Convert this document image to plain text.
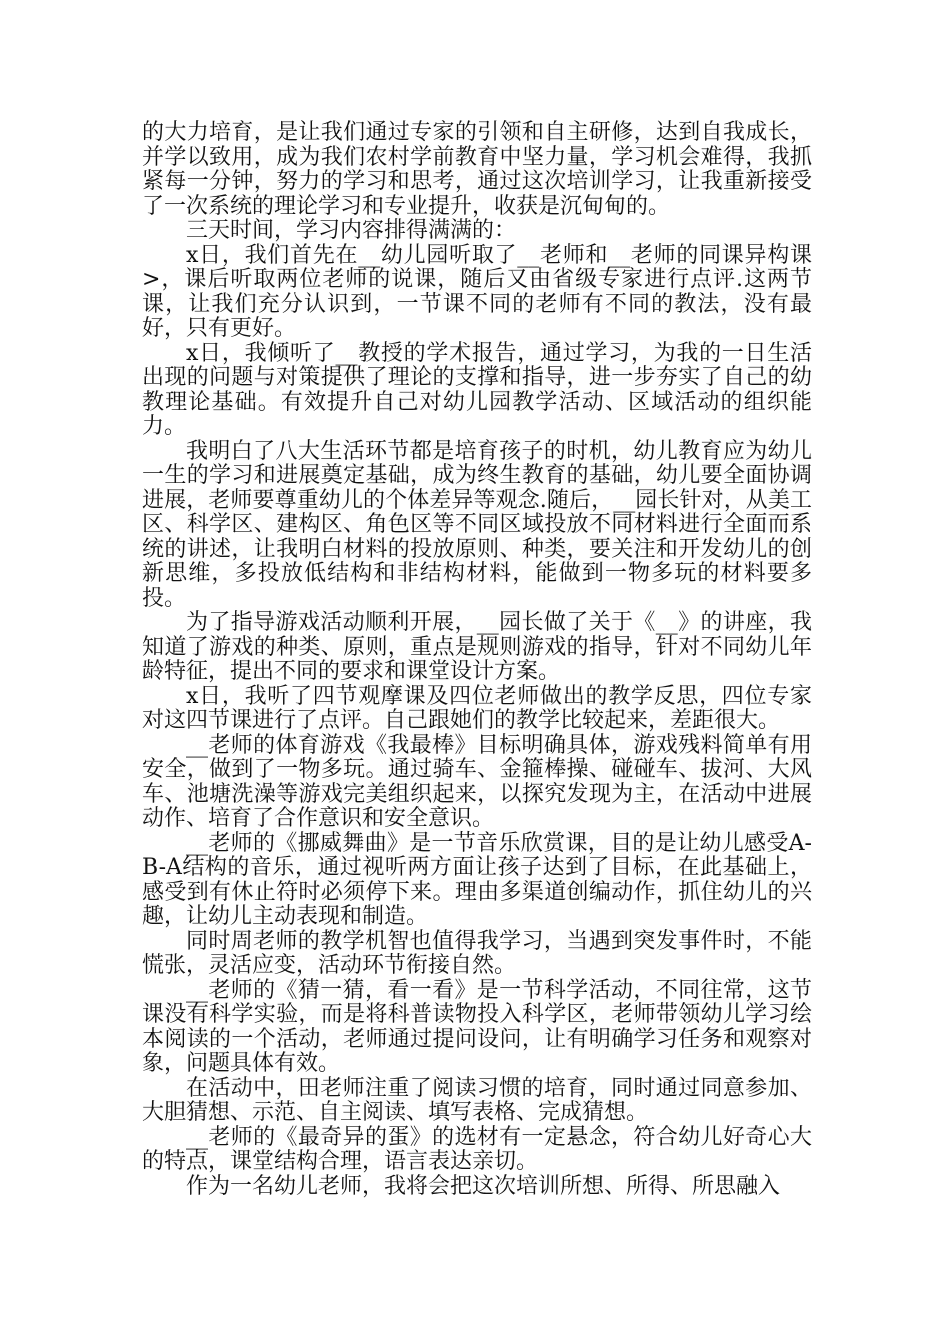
的大力培育，是让我们通过专家的引领和自主研修，达到自我成长，并学以致用，成为我们农村学前教育中坚力量，学习机会难得，我抓紧每一分钟，努力的学习和思考，通过这次培训学习，让我重新接受了一次系统的理论学习和专业提升，收获是沉甸甸的。

三天时间，学习内容排得满满的：

x日，我们首先在__幼儿园听取了__老师和__老师的同课异构课>，课后听取两位老师的说课，随后又由省级专家进行点评.这两节课，让我们充分认识到，一节课不同的老师有不同的教法，没有最好，只有更好。

x日，我倾听了__教授的学术报告，通过学习，为我的一日生活出现的问题与对策提供了理论的支撑和指导，进一步夯实了自己的幼教理论基础。有效提升自己对幼儿园教学活动、区域活动的组织能力。

我明白了八大生活环节都是培育孩子的时机，幼儿教育应为幼儿一生的学习和进展奠定基础，成为终生教育的基础，幼儿要全面协调进展，老师要尊重幼儿的个体差异等观念.随后，__园长针对，从美工区、科学区、建构区、角色区等不同区域投放不同材料进行全面而系统的讲述，让我明白材料的投放原则、种类，要关注和开发幼儿的创新思维，多投放低结构和非结构材料，能做到一物多玩的材料要多投。

为了指导游戏活动顺利开展，__园长做了关于《__》的讲座，我知道了游戏的种类、原则，重点是规则游戏的指导，针对不同幼儿年龄特征，提出不同的要求和课堂设计方案。

x日，我听了四节观摩课及四位老师做出的教学反思，四位专家对这四节课进行了点评。自己跟她们的教学比较起来，差距很大。

__老师的体育游戏《我最棒》目标明确具体，游戏残料简单有用安全，做到了一物多玩。通过骑车、金箍棒操、碰碰车、拔河、大风车、池塘洗澡等游戏完美组织起来，以探究发现为主，在活动中进展动作、培育了合作意识和安全意识。

__老师的《挪威舞曲》是一节音乐欣赏课，目的是让幼儿感受A-B-A结构的音乐，通过视听两方面让孩子达到了目标，在此基础上，感受到有休止符时必须停下来。理由多渠道创编动作，抓住幼儿的兴趣，让幼儿主动表现和制造。

同时周老师的教学机智也值得我学习，当遇到突发事件时，不能慌张，灵活应变，活动环节衔接自然。

__老师的《猜一猜，看一看》是一节科学活动，不同往常，这节课没有科学实验，而是将科普读物投入科学区，老师带领幼儿学习绘本阅读的一个活动，老师通过提问设问，让有明确学习任务和观察对象，问题具体有效。

在活动中，田老师注重了阅读习惯的培育，同时通过同意参加、大胆猜想、示范、自主阅读、填写表格、完成猜想。

__老师的《最奇异的蛋》的选材有一定悬念，符合幼儿好奇心大的特点，课堂结构合理，语言表达亲切。

作为一名幼儿老师，我将会把这次培训所想、所得、所思融入
